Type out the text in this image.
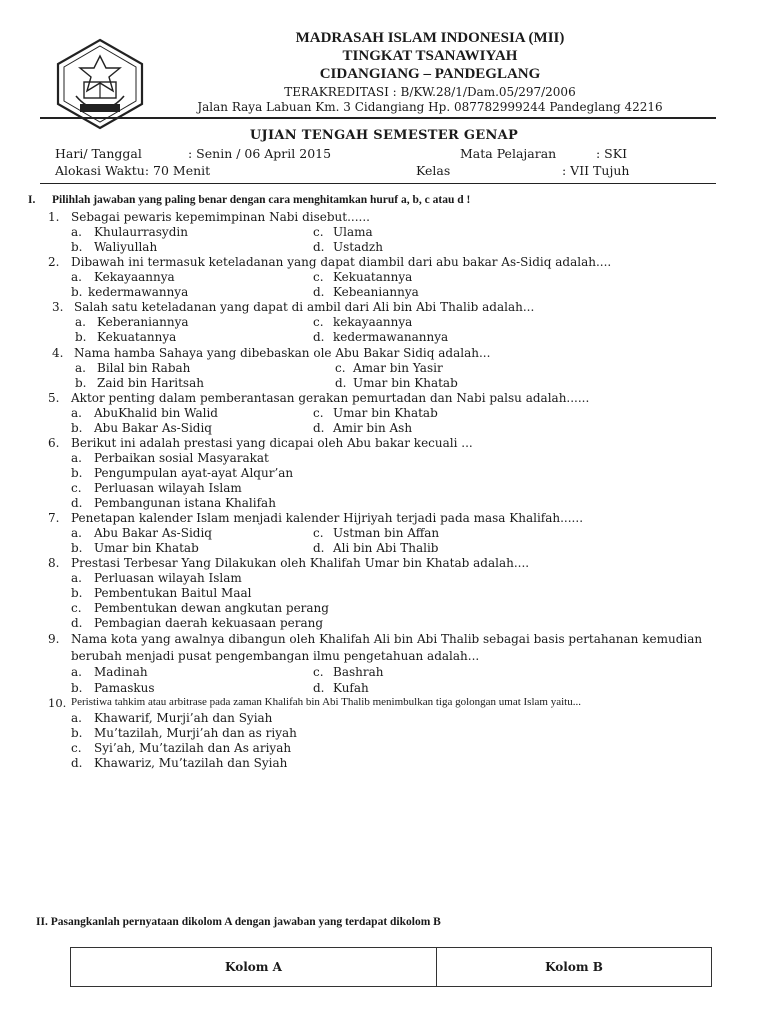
MADRASAH ISLAM INDONESIA (MII)
TINGKAT TSANAWIYAH
CIDANGIANG – PANDEGLANG
TERAKREDITASI : B/KW.28/1/Dam.05/297/2006
Jalan Raya Labuan Km. 3 Cidangiang Hp. 087782999244 Pandeglang 42216
UJIAN TENGAH SEMESTER GENAP
Hari/ Tanggal	: Senin / 06 April 2015	Mata Pelajaran	: SKI
Alokasi Waktu: 70 Menit	Kelas	: VII Tujuh
I. Pilihlah jawaban yang paling benar dengan cara menghitamkan huruf a, b, c atau d !
1. Sebagai pewaris kepemimpinan Nabi disebut......
a. Khulaurrasydin	c. Ulama
b. Waliyullah	d. Ustadzh
2. Dibawah ini termasuk keteladanan yang dapat diambil dari abu bakar As-Sidiq adalah....
a. Kekayaannya	c. Kekuatannya
b. kedermawannya	d. Kebeaniannya
3. Salah satu keteladanan yang dapat di ambil dari Ali bin Abi Thalib adalah...
a. Keberaniannya	c. kekayaannya
b. Kekuatannya	d. kedermawanannya
4. Nama hamba Sahaya yang dibebaskan ole Abu Bakar Sidiq adalah...
a. Bilal bin Rabah	c. Amar bin Yasir
b. Zaid bin Haritsah	d. Umar bin Khatab
5. Aktor penting dalam pemberantasan gerakan pemurtadan dan Nabi palsu adalah......
a. AbuKhalid bin Walid	c. Umar bin Khatab
b. Abu Bakar As-Sidiq	d. Amir bin Ash
6. Berikut ini adalah prestasi yang dicapai oleh Abu bakar kecuali ...
a. Perbaikan sosial Masyarakat
b. Pengumpulan ayat-ayat Alqur’an
c. Perluasan wilayah Islam
d. Pembangunan istana Khalifah
7. Penetapan kalender Islam menjadi kalender Hijriyah terjadi pada masa Khalifah......
a. Abu Bakar As-Sidiq	c. Ustman bin Affan
b. Umar bin Khatab	d. Ali bin Abi Thalib
8. Prestasi Terbesar Yang Dilakukan oleh Khalifah Umar bin Khatab adalah....
a. Perluasan wilayah Islam
b. Pembentukan Baitul Maal
c. Pembentukan dewan angkutan perang
d. Pembagian daerah kekuasaan perang
9. Nama kota yang awalnya dibangun oleh Khalifah Ali bin Abi Thalib sebagai basis pertahanan kemudian
berubah menjadi pusat pengembangan ilmu pengetahuan adalah...
a. Madinah	c. Bashrah
b. Pamaskus	d. Kufah
10. Peristiwa tahkim atau arbitrase pada zaman Khalifah bin Abi Thalib menimbulkan tiga golongan umat Islam yaitu...
a. Khawarif, Murji’ah dan Syiah
b. Mu’tazilah, Murji’ah dan as riyah
c. Syi’ah, Mu’tazilah dan As ariyah
d. Khawariz, Mu’tazilah dan Syiah
II. Pasangkanlah pernyataan dikolom A dengan jawaban yang terdapat dikolom B
Kolom A	Kolom B
